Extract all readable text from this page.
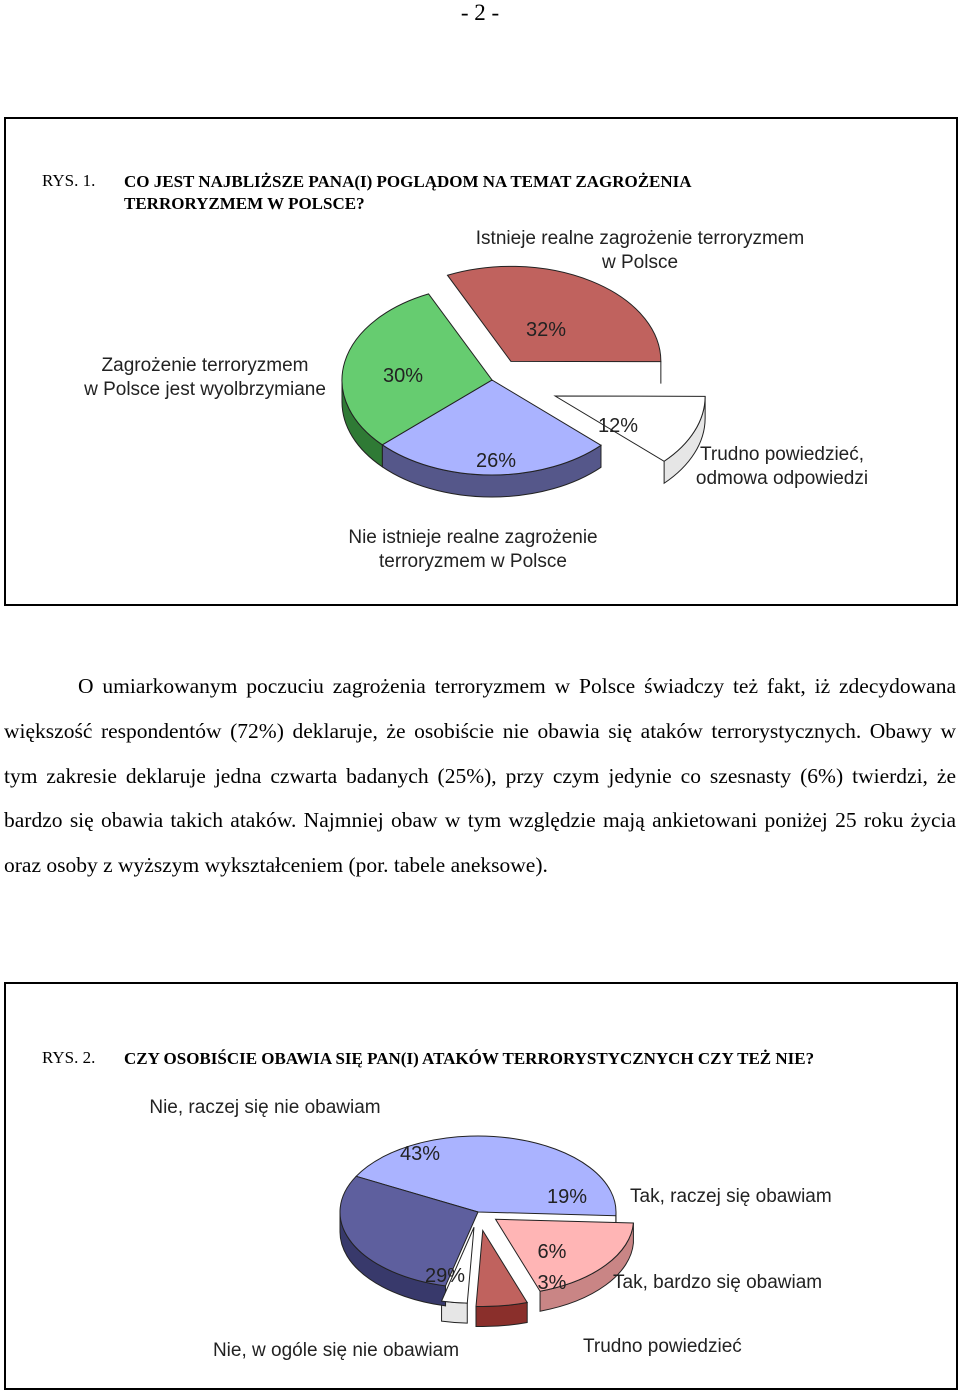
- 2 -
RYS. 1. CO JEST NAJBLIŻSZE PANA(I) POGLĄDOM NA TEMAT ZAGROŻENIA TERRORYZMEM W POLSCE?
32%
Istnieje realne zagrożenie terroryzmem
w Polsce
12%
Trudno powiedzieć,
odmowa odpowiedzi
26%
Nie istnieje realne zagrożenie
terroryzmem w Polsce
30%
Zagrożenie terroryzmem
w Polsce jest wyolbrzymiane

O umiarkowanym poczuciu zagrożenia terroryzmem w Polsce świadczy też fakt, iż zdecydowana większość respondentów (72%) deklaruje, że osobiście nie obawia się ataków terrorystycznych. Obawy w tym zakresie deklaruje jedna czwarta badanych (25%), przy czym jedynie co szesnasty (6%) twierdzi, że bardzo się obawia takich ataków. Najmniej obaw w tym względzie mają ankietowani poniżej 25 roku życia oraz osoby z wyższym wykształceniem (por. tabele aneksowe).

RYS. 2. CZY OSOBIŚCIE OBAWIA SIĘ PAN(I) ATAKÓW TERRORYSTYCZNYCH CZY TEŻ NIE?
43%
Nie, raczej się nie obawiam
19% Tak, raczej się obawiam
6%
Tak, bardzo się obawiam
3%
Trudno powiedzieć
29%
Nie, w ogóle się nie obawiam
